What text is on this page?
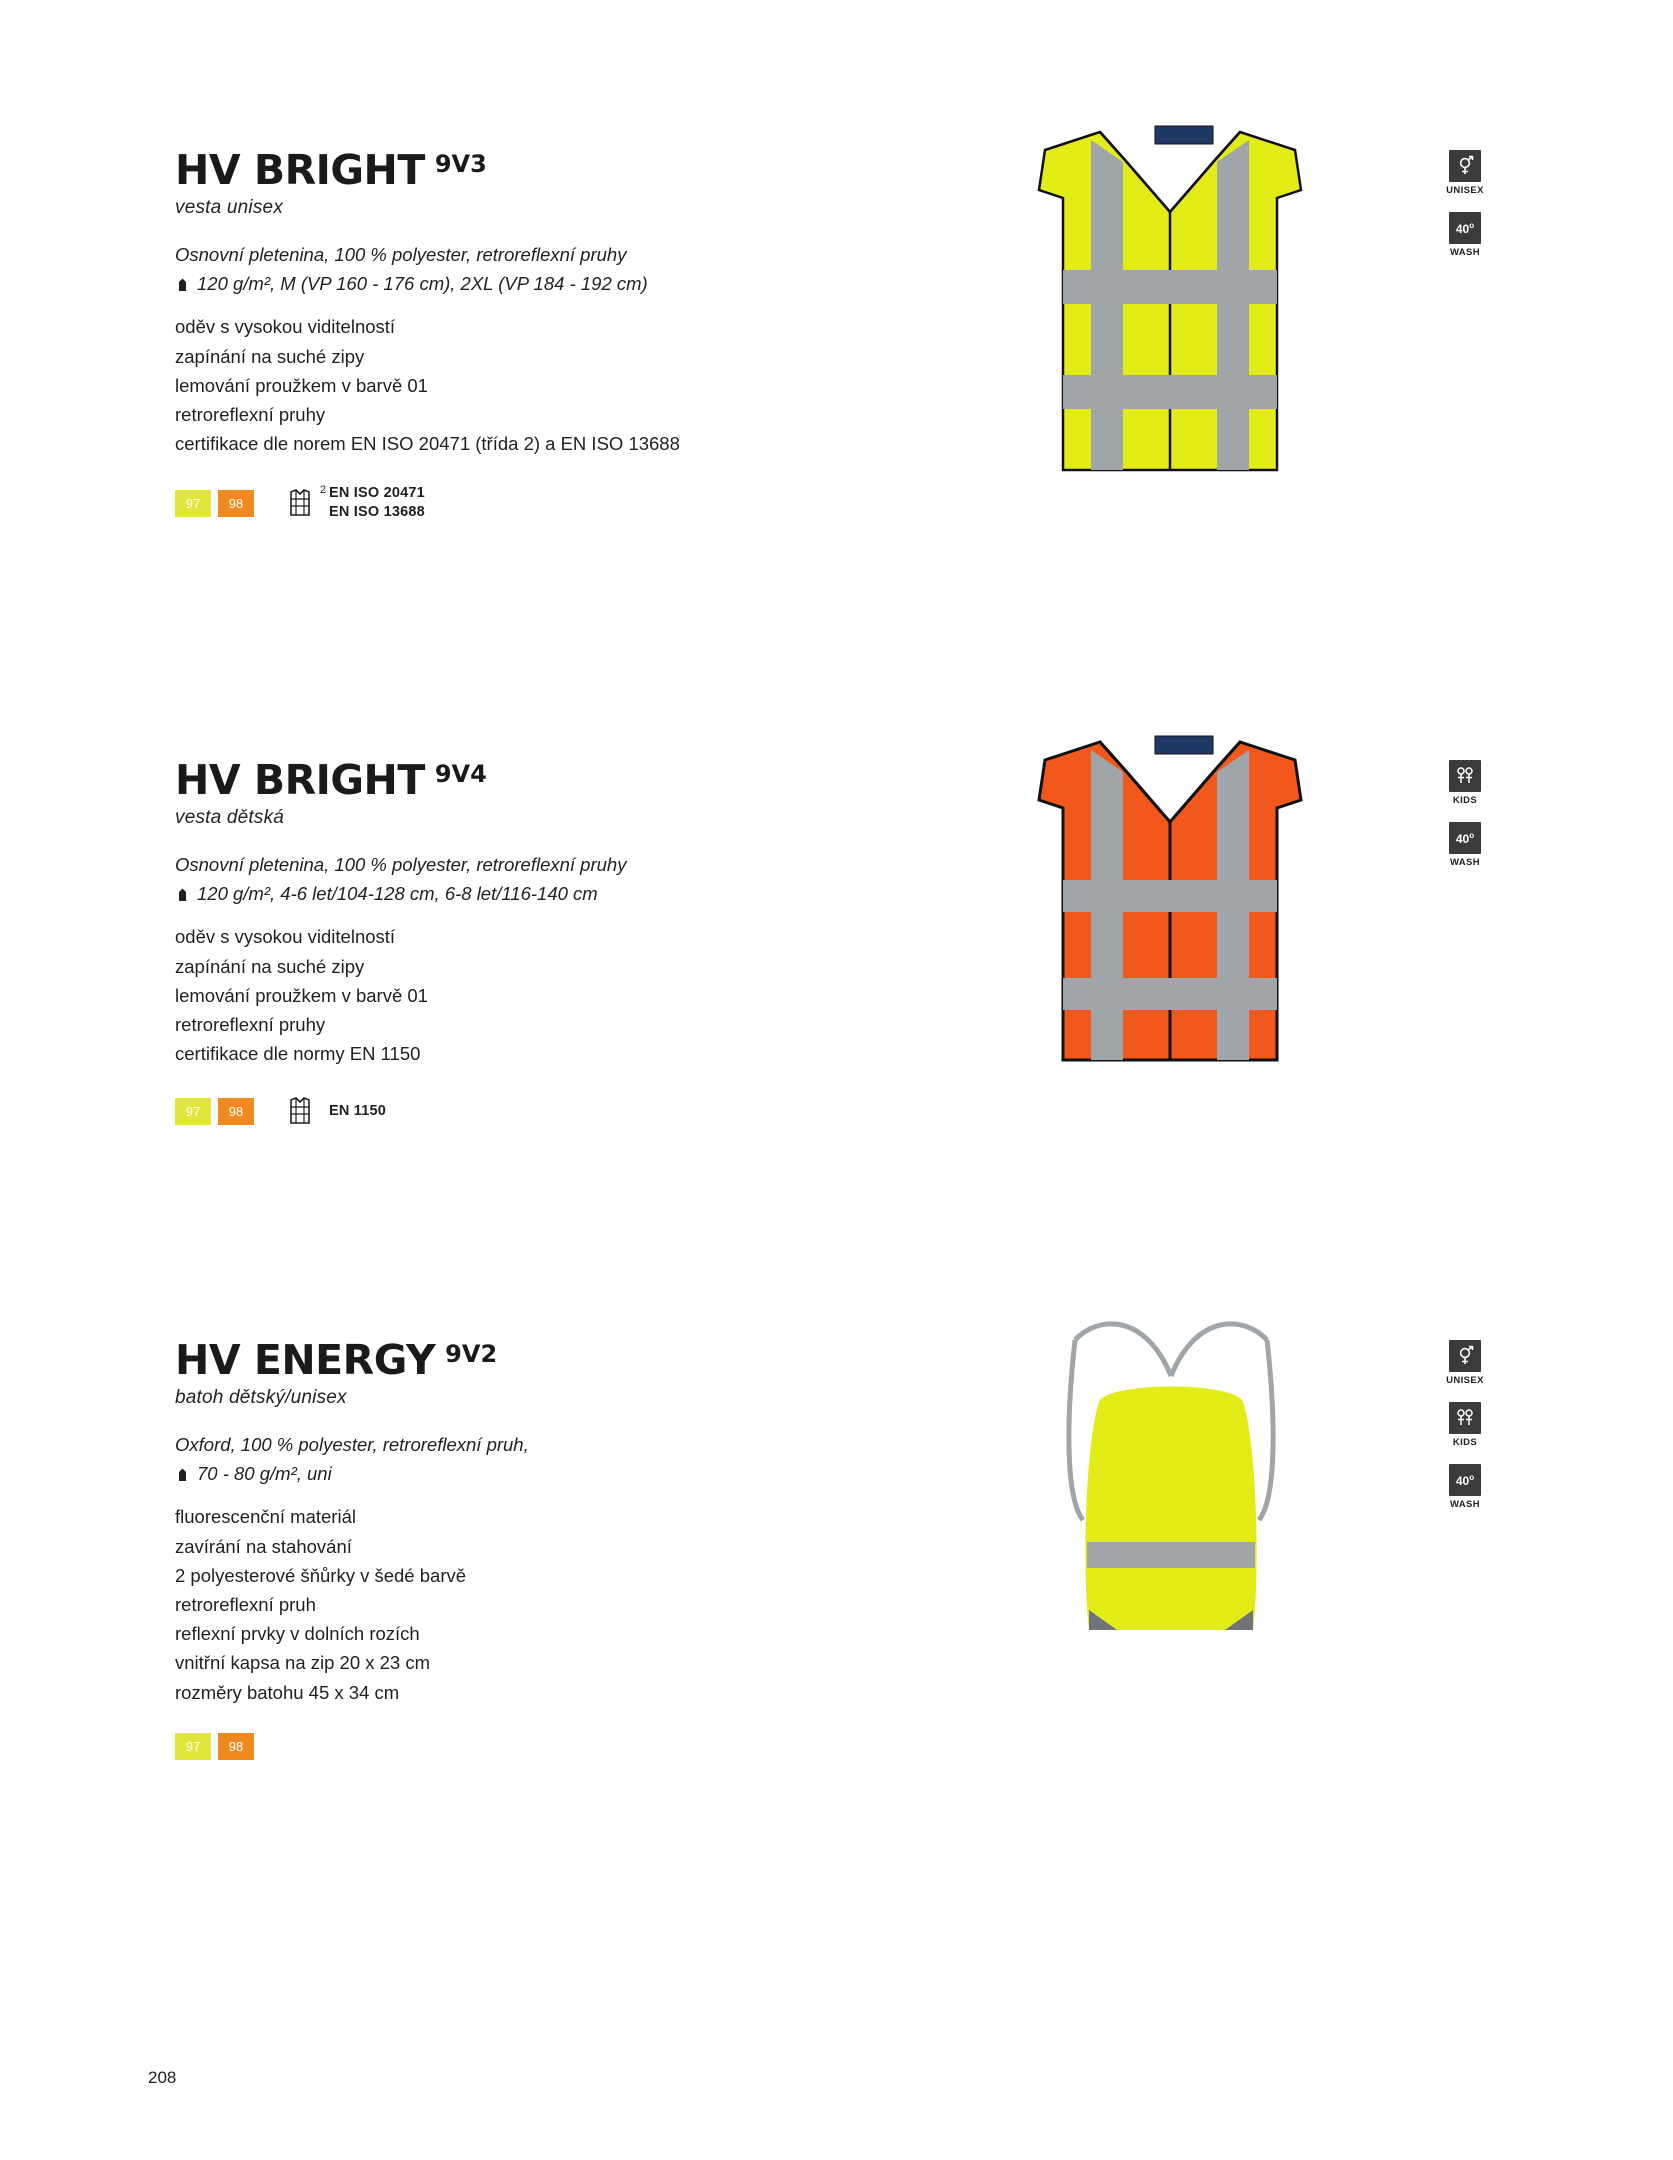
HV BRIGHT 9V3
vesta unisex
Osnovní pletenina, 100 % polyester, retroreflexní pruhy
120 g/m², M (VP 160 - 176 cm), 2XL (VP 184 - 192 cm)
oděv s vysokou viditelností
zapínání na suché zipy
lemování proužkem v barvě 01
retroreflexní pruhy
certifikace dle norem EN ISO 20471 (třída 2) a EN ISO 13688
97	98
2 EN ISO 20471
EN ISO 13688
UNISEX
40$^o$
WASH
HV BRIGHT 9V4
vesta dětská
Osnovní pletenina, 100 % polyester, retroreflexní pruhy
120 g/m², 4-6 let/104-128 cm, 6-8 let/116-140 cm
oděv s vysokou viditelností
zapínání na suché zipy
lemování proužkem v barvě 01
retroreflexní pruhy
certifikace dle normy EN 1150
97	98	EN 1150
KIDS
40$^o$
WASH
HV ENERGY 9V2
batoh dětský/unisex
Oxford, 100 % polyester, retroreflexní pruh,
70 - 80 g/m², uni
fluorescenční materiál
zavírání na stahování
2 polyesterové šňůrky v šedé barvě
retroreflexní pruh
reflexní prvky v dolních rozích
vnitřní kapsa na zip 20 x 23 cm
rozměry batohu 45 x 34 cm
97	98
UNISEX
KIDS
40$^o$
WASH
208
